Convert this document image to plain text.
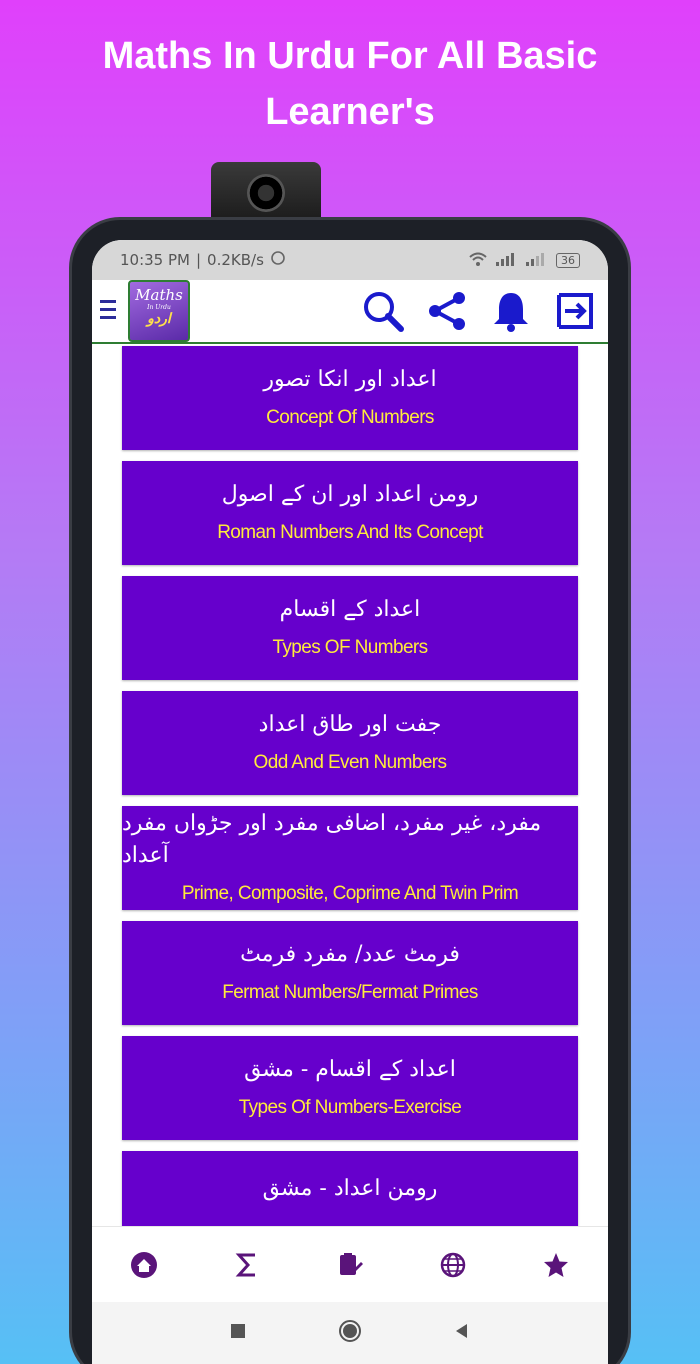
Maths In Urdu For All Basic
Learner's
10:35 PM | 0.2KB/s	36
Maths
In Urdu
اردو
اعداد اور انکا تصور
Concept Of Numbers
رومن اعداد اور ان کے اصول
Roman Numbers And Its Concept
اعداد کے اقسام
Types OF Numbers
جفت اور طاق اعداد
Odd And Even Numbers
مفرد، غیر مفرد، اضافی مفرد اور جڑواں مفرد آعداد
Prime, Composite, Coprime And Twin Prim
فرمٹ عدد/ مفرد فرمٹ
Fermat Numbers/Fermat Primes
اعداد کے اقسام - مشق
Types Of Numbers-Exercise
رومن اعداد - مشق
